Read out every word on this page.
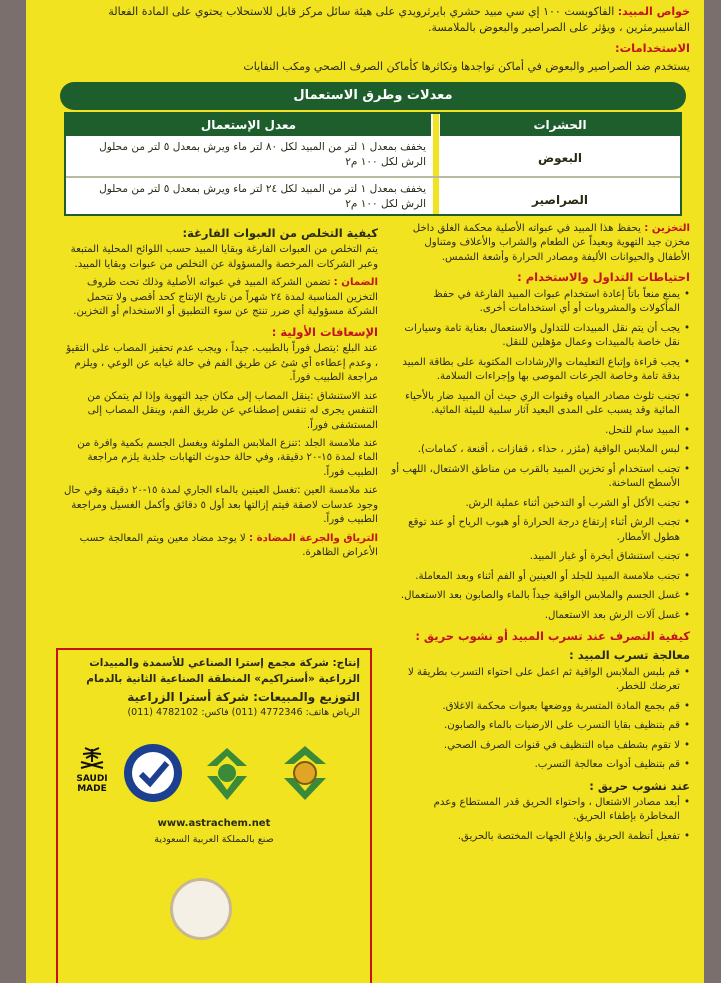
خواص المبيد: الفاكوبست ١٠٠ إي سي مبيد حشري بايرثرويدي على هيئة سائل مركز قابل للاستحلاب يحتوي على المادة الفعالة الفاسيبرمثرين ، ويؤثر على الصراصير والبعوض بالملامسة.
الاستخدامات:
يستخدم ضد الصراصير والبعوض في أماكن تواجدها وتكاثرها كأماكن الصرف الصحي ومكب النفايات
معدلات وطرق الاستعمال
الحشرات
معدل الإستعمال
البعوض
يخفف بمعدل ١ لتر من المبيد لكل ٨٠ لتر ماء ويرش بمعدل ٥ لتر من محلول الرش لكل ١٠٠ م٢
الصراصير
يخفف بمعدل ١ لتر من المبيد لكل ٢٤ لتر ماء ويرش بمعدل ٥ لتر من محلول الرش لكل ١٠٠ م٢
كيفية التخلص من العبوات الفارغة:
يتم التخلص من العبوات الفارغة وبقايا المبيد حسب اللوائح المحلية المتبعة وعبر الشركات المرخصة والمسؤولة عن التخلص من عبوات وبقايا المبيد.
الضمان : تضمن الشركة المبيد في عبواته الأصلية وذلك تحت ظروف التخزين المناسبة لمدة ٢٤ شهراً من تاريخ الإنتاج كحد أقصى ولا تتحمل الشركة مسؤولية أي ضرر تنتج عن سوء التطبيق أو الاستخدام أو التخزين.
الإسعافات الأولية :
عند البلع :يتصل فوراً بالطبيب. جيداً ، ويجب عدم تحفيز المصاب على التقيؤ ، وعدم إعطاءه أي شئ عن طريق الفم في حالة غيابه عن الوعي ، ويلزم مراجعة الطبيب فوراً.
عند الاستنشاق :ينقل المصاب إلى مكان جيد التهوية وإذا لم يتمكن من التنفس يجرى له تنفس إصطناعي عن طريق الفم، وينقل المصاب إلى المستشفى فوراً.
عند ملامسة الجلد :تنزع الملابس الملوثة ويغسل الجسم بكمية وافرة من الماء لمدة ١٥-٢٠ دقيقة، وفي حالة حدوث التهابات جلدية يلزم مراجعة الطبيب فوراً.
عند ملامسة العين :تغسل العينين بالماء الجاري لمدة ١٥-٢٠ دقيقة وفي حال وجود عدسات لاصقة فيتم إزالتها بعد أول ٥ دقائق وأكمل الغسيل ومراجعة الطبيب فوراً.
الترياق والجرعة المضادة : لا يوجد مضاد معين ويتم المعالجة حسب الأعراض الظاهرة.
إنتاج: شركة مجمع إسترا الصناعي للأسمدة والمبيدات الزراعية «أستراكيم» المنطقة الصناعية الثانية بالدمام
التوزيع والمبيعات: شركة أسترا الزراعية
الرياض هاتف: 4772346 (011) فاكس: 4782102 (011)
SAUDI MADE
www.astrachem.net
صنع بالمملكة العربية السعودية
التخزين : يحفظ هذا المبيد في عبواته الأصلية محكمة الغلق داخل مخزن جيد التهوية وبعيداً عن الطعام والشراب والأعلاف ومتناول الأطفال والحيوانات الأليفة ومصادر الحرارة وأشعة الشمس.
احتياطات التداول والاستخدام :
• يمنع منعاً باتاً إعادة استخدام عبوات المبيد الفارغة في حفظ المأكولات والمشروبات أو أي استخدامات أخرى.
• يجب أن يتم نقل المبيدات للتداول والاستعمال بعناية تامة وسيارات نقل خاصة بالمبيدات وعمال مؤهلين للنقل.
• يجب قراءة وإتباع التعليمات والإرشادات المكتوبة على بطاقة المبيد بدقة تامة وخاصة الجرعات الموصى بها وإجراءات السلامة.
• تجنب تلوث مصادر المياه وقنوات الري حيث أن المبيد ضار بالأحياء المائية وقد يسبب على المدى البعيد آثار سلبية للبيئة المائية.
• المبيد سام للنحل.
• لبس الملابس الواقية (مئزر ، حذاء ، قفازات ، أقنعة ، كمامات).
• تجنب استخدام أو تخزين المبيد بالقرب من مناطق الاشتعال، اللهب أو الأسطح الساخنة.
• تجنب الأكل أو الشرب أو التدخين أثناء عملية الرش.
• تجنب الرش أثناء إرتفاع درجة الحرارة أو هبوب الرياح أو عند توقع هطول الأمطار.
• تجنب استنشاق أبخرة أو غبار المبيد.
• تجنب ملامسة المبيد للجلد أو العينين أو الفم أثناء وبعد المعاملة.
• غسل الجسم والملابس الواقية جيداً بالماء والصابون بعد الاستعمال.
• غسل آلات الرش بعد الاستعمال.
كيفية التصرف عند تسرب المبيد أو نشوب حريق :
معالجة تسرب المبيد :
• قم بلبس الملابس الواقية ثم اعمل على احتواء التسرب بطريقة لا تعرضك للخطر.
• قم بجمع المادة المتسربة ووضعها بعبوات محكمة الاغلاق.
• قم بتنظيف بقايا التسرب على الارضيات بالماء والصابون.
• لا تقوم بشطف مياه التنظيف في قنوات الصرف الصحي.
• قم بتنظيف أدوات معالجة التسرب.
عند نشوب حريق :
• أبعد مصادر الاشتعال ، واحتواء الحريق قدر المستطاع وعدم المخاطرة بإطفاء الحريق.
• تفعيل أنظمة الحريق وابلاغ الجهات المختصة بالحريق.
